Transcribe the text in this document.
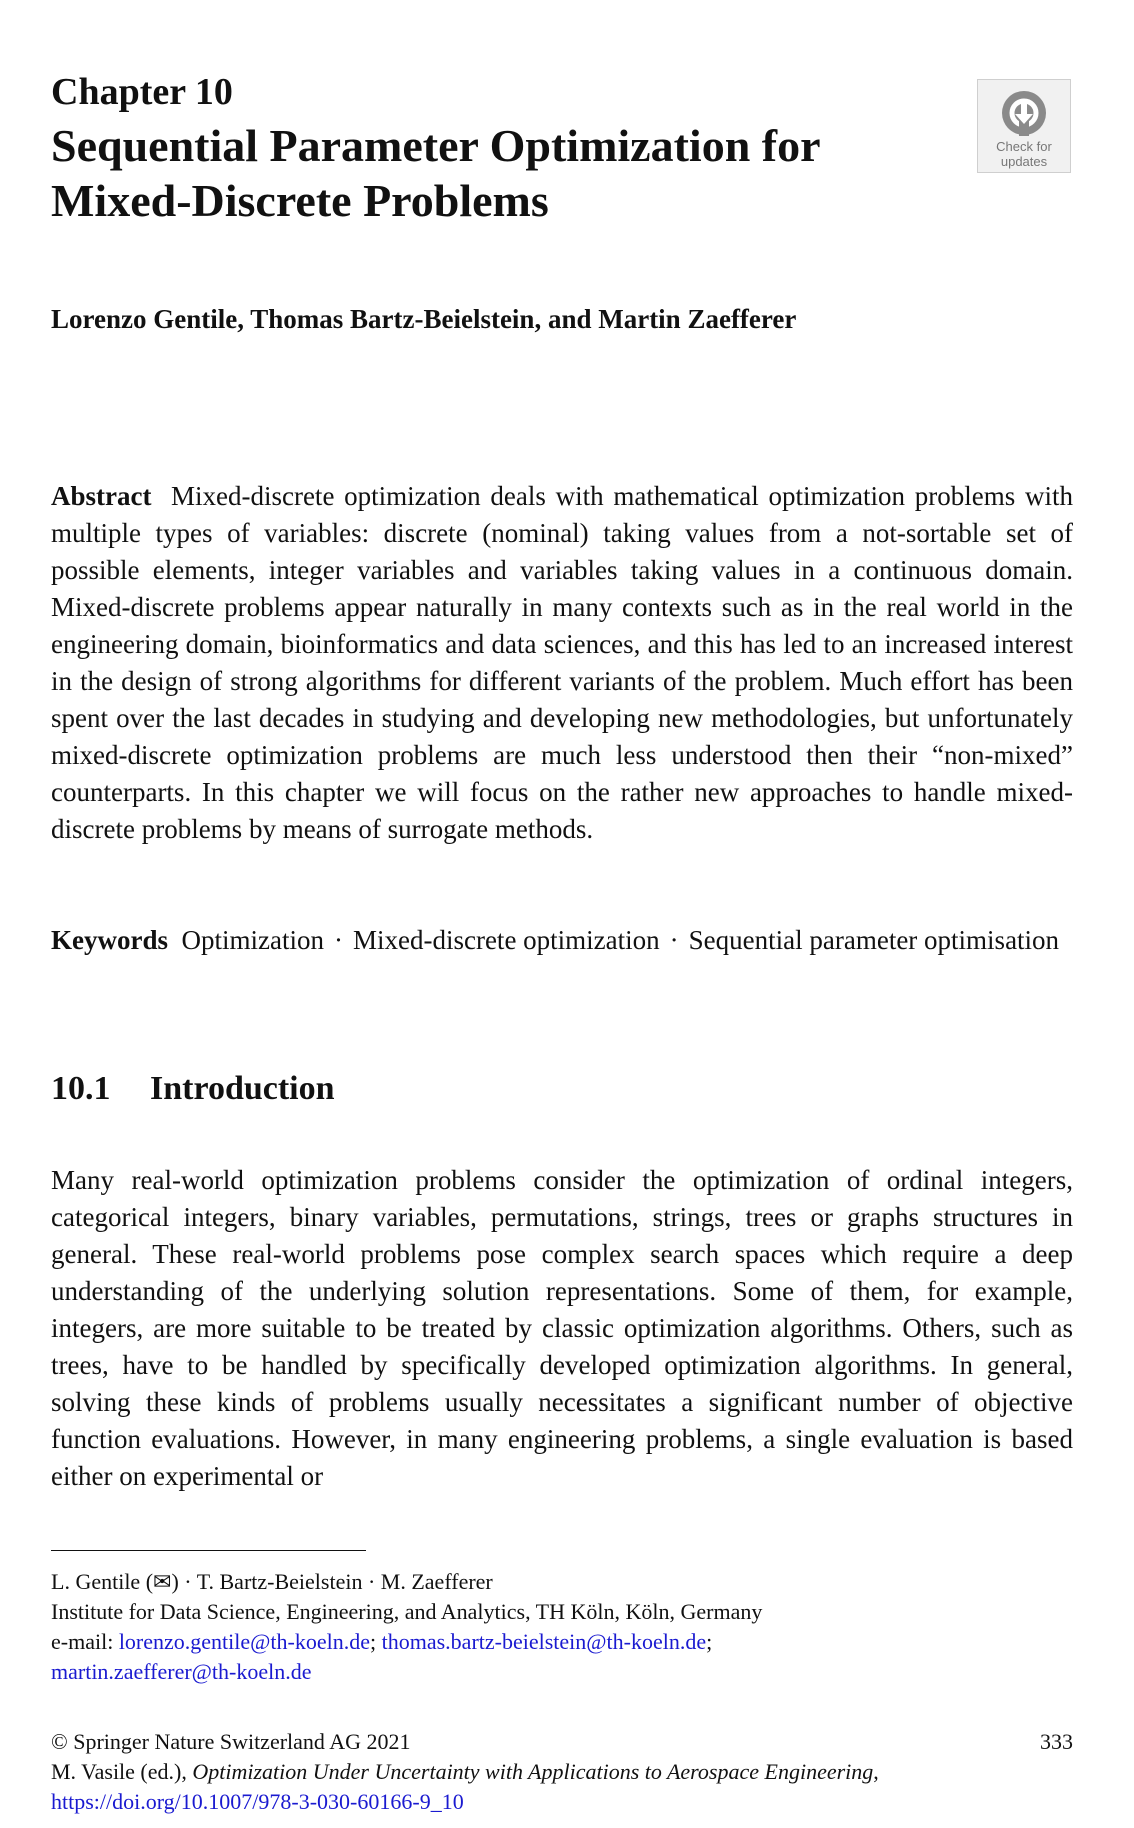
Chapter 10
Sequential Parameter Optimization for Mixed-Discrete Problems
Check for
updates
Lorenzo Gentile, Thomas Bartz-Beielstein, and Martin Zaefferer
Abstract Mixed-discrete optimization deals with mathematical optimization problems with multiple types of variables: discrete (nominal) taking values from a not-sortable set of possible elements, integer variables and variables taking values in a continuous domain. Mixed-discrete problems appear naturally in many contexts such as in the real world in the engineering domain, bioinformatics and data sciences, and this has led to an increased interest in the design of strong algorithms for different variants of the problem. Much effort has been spent over the last decades in studying and developing new methodologies, but unfortunately mixed-discrete optimization problems are much less understood then their “non-mixed” counterparts. In this chapter we will focus on the rather new approaches to handle mixed-discrete problems by means of surrogate methods.
Keywords Optimization · Mixed-discrete optimization · Sequential parameter optimisation
10.1 Introduction
Many real-world optimization problems consider the optimization of ordinal integers, categorical integers, binary variables, permutations, strings, trees or graphs structures in general. These real-world problems pose complex search spaces which require a deep understanding of the underlying solution representations. Some of them, for example, integers, are more suitable to be treated by classic optimization algorithms. Others, such as trees, have to be handled by specifically developed optimization algorithms. In general, solving these kinds of problems usually necessitates a significant number of objective function evaluations. However, in many engineering problems, a single evaluation is based either on experimental or
L. Gentile (✉) · T. Bartz-Beielstein · M. Zaefferer
Institute for Data Science, Engineering, and Analytics, TH Köln, Köln, Germany
e-mail: lorenzo.gentile@th-koeln.de; thomas.bartz-beielstein@th-koeln.de;
martin.zaefferer@th-koeln.de
© Springer Nature Switzerland AG 2021	333
M. Vasile (ed.), Optimization Under Uncertainty with Applications to Aerospace Engineering, https://doi.org/10.1007/978-3-030-60166-9_10
